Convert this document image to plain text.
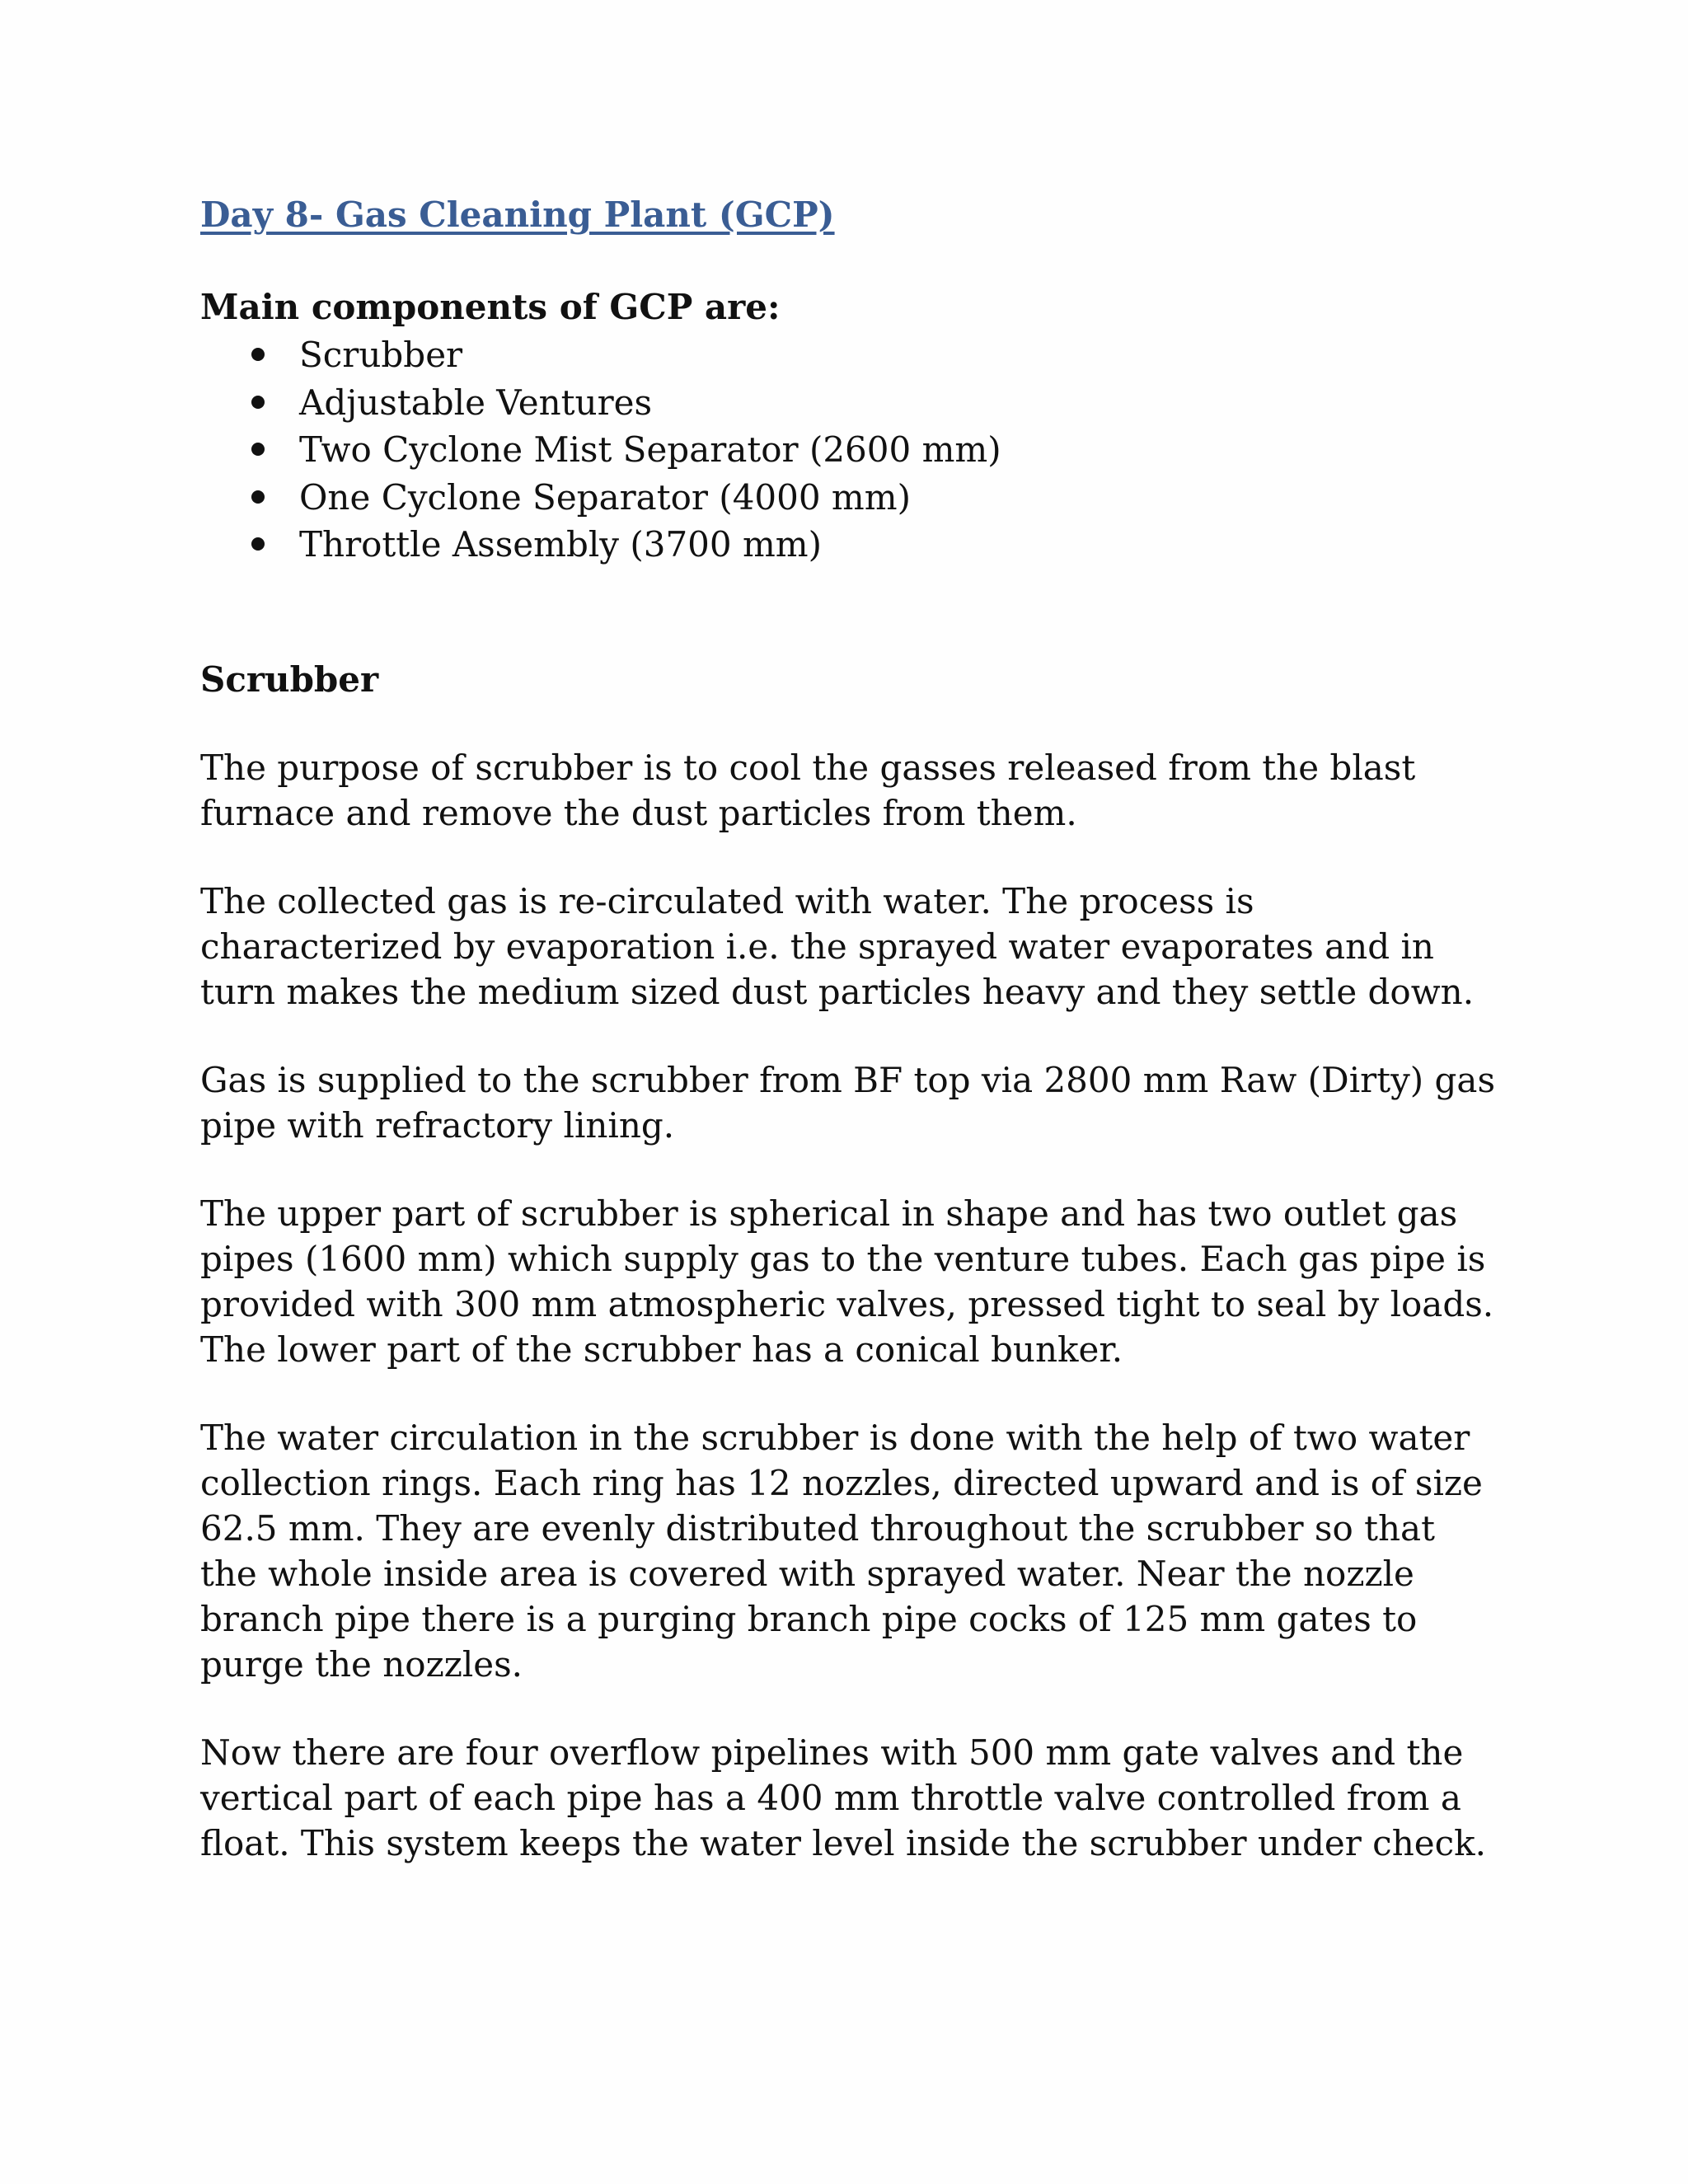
Day 8- Gas Cleaning Plant (GCP)
Main components of GCP are:
Scrubber
Adjustable Ventures
Two Cyclone Mist Separator (2600 mm)
One Cyclone Separator (4000 mm)
Throttle Assembly (3700 mm)
Scrubber

The purpose of scrubber is to cool the gasses released from the blast furnace and remove the dust particles from them.

The collected gas is re-circulated with water. The process is characterized by evaporation i.e. the sprayed water evaporates and in turn makes the medium sized dust particles heavy and they settle down.

Gas is supplied to the scrubber from BF top via 2800 mm Raw (Dirty) gas pipe with refractory lining.

The upper part of scrubber is spherical in shape and has two outlet gas pipes (1600 mm) which supply gas to the venture tubes. Each gas pipe is provided with 300 mm atmospheric valves, pressed tight to seal by loads. The lower part of the scrubber has a conical bunker.

The water circulation in the scrubber is done with the help of two water collection rings. Each ring has 12 nozzles, directed upward and is of size 62.5 mm. They are evenly distributed throughout the scrubber so that the whole inside area is covered with sprayed water. Near the nozzle branch pipe there is a purging branch pipe cocks of 125 mm gates to purge the nozzles.

Now there are four overflow pipelines with 500 mm gate valves and the vertical part of each pipe has a 400 mm throttle valve controlled from a float. This system keeps the water level inside the scrubber under check.
